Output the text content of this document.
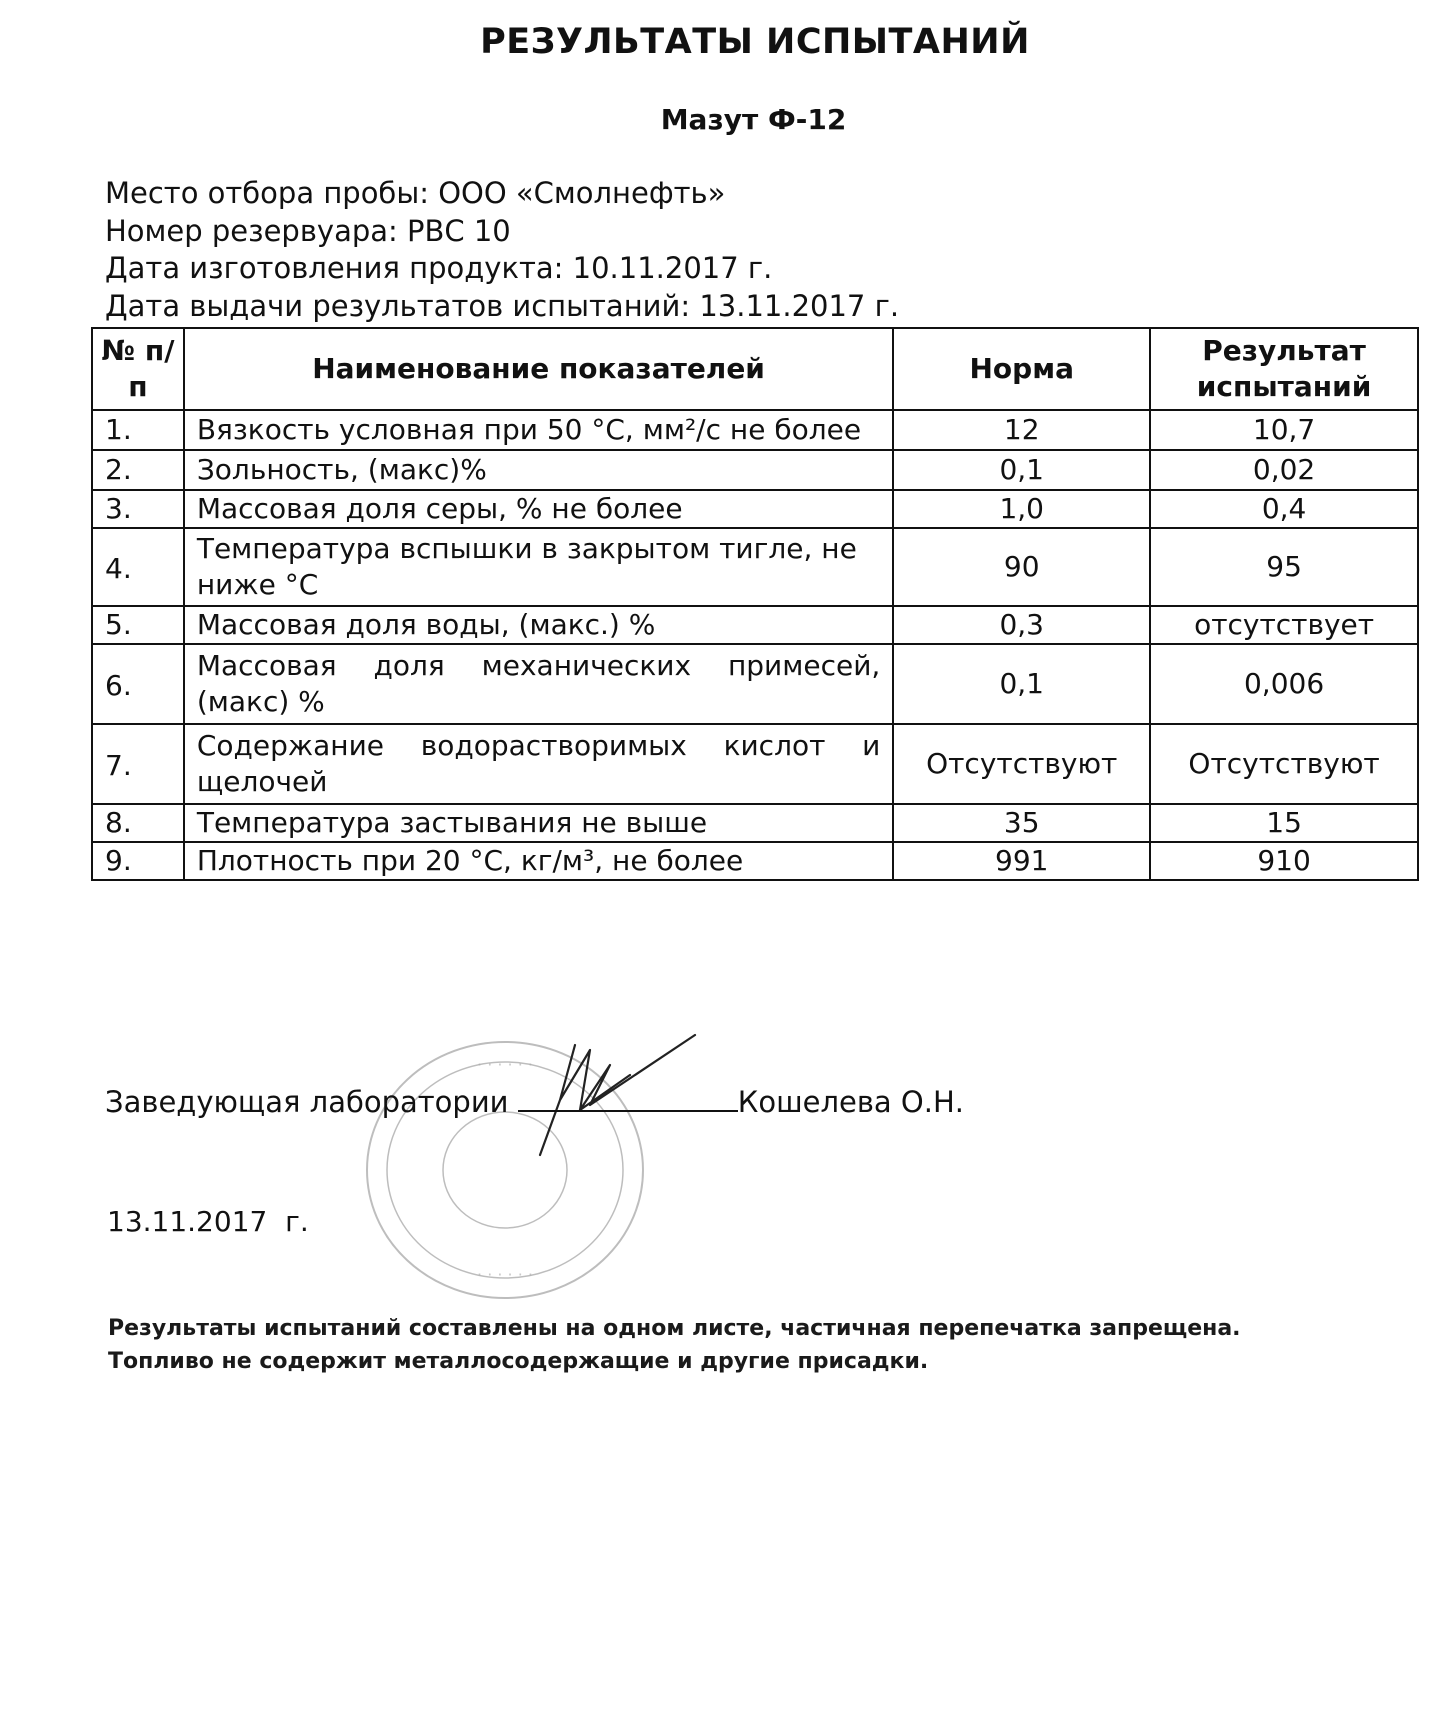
РЕЗУЛЬТАТЫ ИСПЫТАНИЙ
Мазут Ф-12
Место отбора пробы: ООО «Смолнефть»
Номер резервуара: РВС 10
Дата изготовления продукта: 10.11.2017 г.
Дата выдачи результатов испытаний: 13.11.2017 г.
№ п/п	Наименование показателей	Норма	Результат испытаний
1.	Вязкость условная при 50 °С, мм²/с не более	12	10,7
2.	Зольность, (макс)%	0,1	0,02
3.	Массовая доля серы, % не более	1,0	0,4
4.	Температура вспышки в закрытом тигле, не ниже °С	90	95
5.	Массовая доля воды, (макс.) %	0,3	отсутствует
6.	Массовая доля механических примесей, (макс) %	0,1	0,006
7.	Содержание водорастворимых кислот и щелочей	Отсутствуют	Отсутствуют
8.	Температура застывания не выше	35	15
9.	Плотность при 20 °С, кг/м³, не более	991	910
· · · · · ·
· · · · · ·
Заведующая лаборатории	Кошелева О.Н.
13.11.2017  г.
Результаты испытаний составлены на одном листе, частичная перепечатка запрещена.
Топливо не содержит металлосодержащие и другие присадки.
